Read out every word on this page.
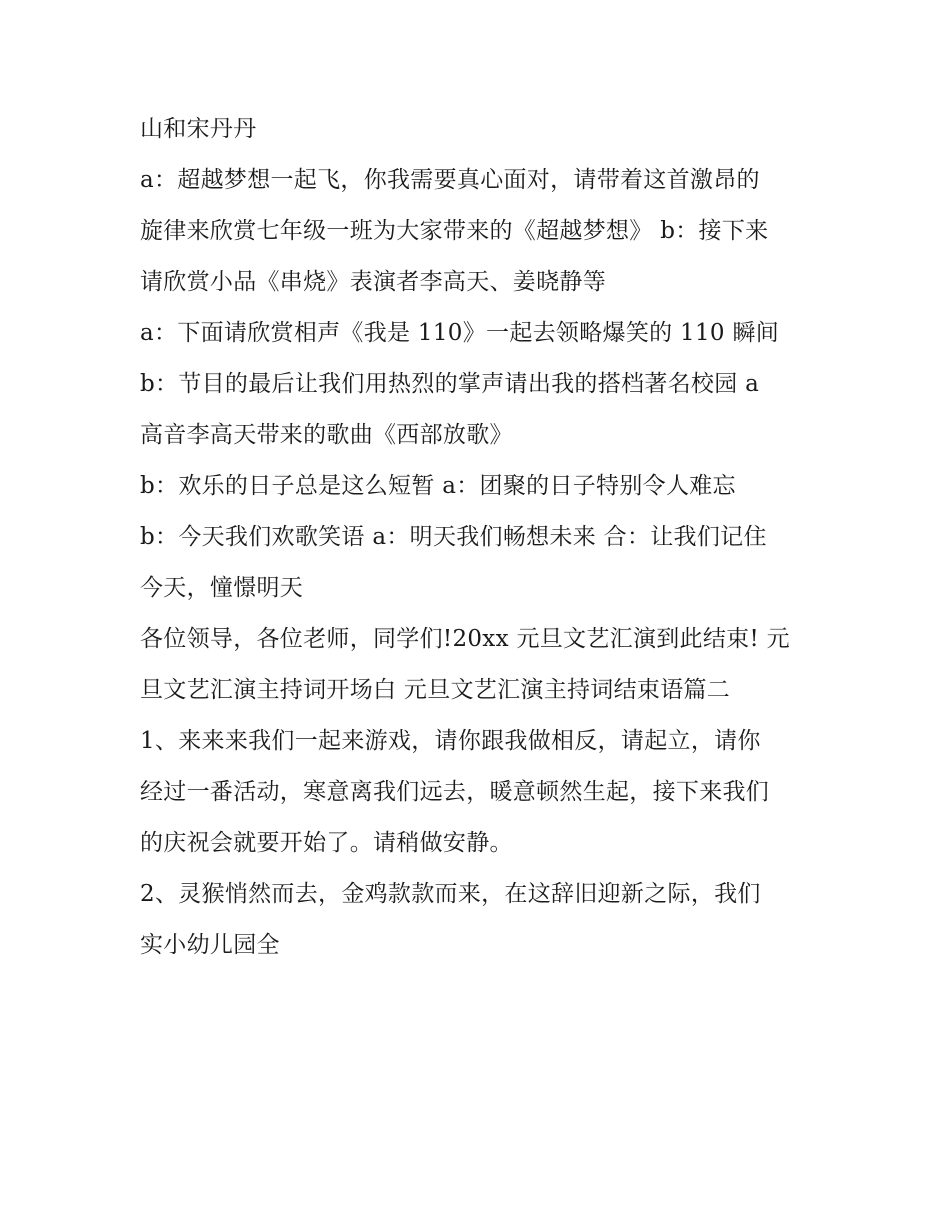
山和宋丹丹
a：超越梦想一起飞，你我需要真心面对，请带着这首激昂的
旋律来欣赏七年级一班为大家带来的《超越梦想》 b：接下来
请欣赏小品《串烧》表演者李高天、姜晓静等
a：下面请欣赏相声《我是 110》一起去领略爆笑的 110 瞬间
b：节目的最后让我们用热烈的掌声请出我的搭档著名校园 a
高音李高天带来的歌曲《西部放歌》
b：欢乐的日子总是这么短暂 a：团聚的日子特别令人难忘
b：今天我们欢歌笑语 a：明天我们畅想未来 合：让我们记住
今天，憧憬明天
各位领导，各位老师，同学们!20xx 元旦文艺汇演到此结束! 元
旦文艺汇演主持词开场白 元旦文艺汇演主持词结束语篇二
1、来来来我们一起来游戏，请你跟我做相反，请起立，请你
经过一番活动，寒意离我们远去，暖意顿然生起，接下来我们
的庆祝会就要开始了。请稍做安静。
2、灵猴悄然而去，金鸡款款而来，在这辞旧迎新之际，我们
实小幼儿园全
